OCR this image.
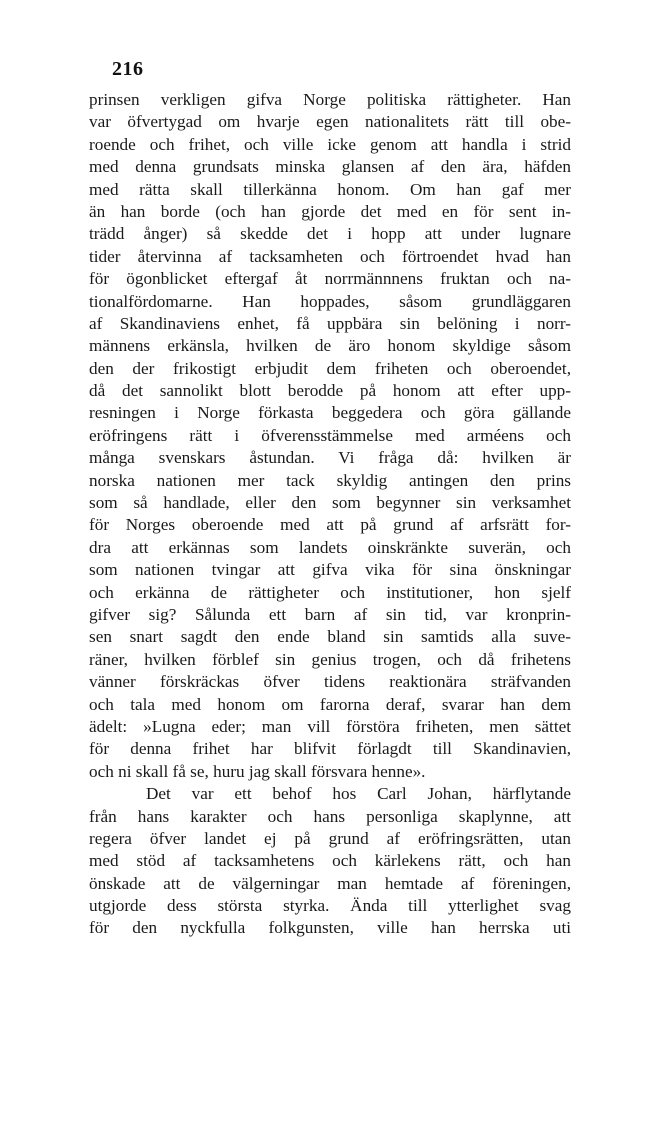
216
prinsen verkligen gifva Norge politiska rättigheter. Han
var öfvertygad om hvarje egen nationalitets rätt till obe-
roende och frihet, och ville icke genom att handla i strid
med denna grundsats minska glansen af den ära, häfden
med rätta skall tillerkänna honom. Om han gaf mer
än han borde (och han gjorde det med en för sent in-
trädd ånger) så skedde det i hopp att under lugnare
tider återvinna af tacksamheten och förtroendet hvad han
för ögonblicket eftergaf åt norrmännnens fruktan och na-
tionalfördomarne. Han hoppades, såsom grundläggaren
af Skandinaviens enhet, få uppbära sin belöning i norr-
männens erkänsla, hvilken de äro honom skyldige såsom
den der frikostigt erbjudit dem friheten och oberoendet,
då det sannolikt blott berodde på honom att efter upp-
resningen i Norge förkasta beggedera och göra gällande
eröfringens rätt i öfverensstämmelse med arméens och
många svenskars åstundan. Vi fråga då: hvilken är
norska nationen mer tack skyldig antingen den prins
som så handlade, eller den som begynner sin verksamhet
för Norges oberoende med att på grund af arfsrätt for-
dra att erkännas som landets oinskränkte suverän, och
som nationen tvingar att gifva vika för sina önskningar
och erkänna de rättigheter och institutioner, hon sjelf
gifver sig? Sålunda ett barn af sin tid, var kronprin-
sen snart sagdt den ende bland sin samtids alla suve-
räner, hvilken förblef sin genius trogen, och då frihetens
vänner förskräckas öfver tidens reaktionära sträfvanden
och tala med honom om farorna deraf, svarar han dem
ädelt: »Lugna eder; man vill förstöra friheten, men sättet
för denna frihet har blifvit förlagdt till Skandinavien,
och ni skall få se, huru jag skall försvara henne».
Det var ett behof hos Carl Johan, härflytande
från hans karakter och hans personliga skaplynne, att
regera öfver landet ej på grund af eröfringsrätten, utan
med stöd af tacksamhetens och kärlekens rätt, och han
önskade att de välgerningar man hemtade af föreningen,
utgjorde dess största styrka. Ända till ytterlighet svag
för den nyckfulla folkgunsten, ville han herrska uti
